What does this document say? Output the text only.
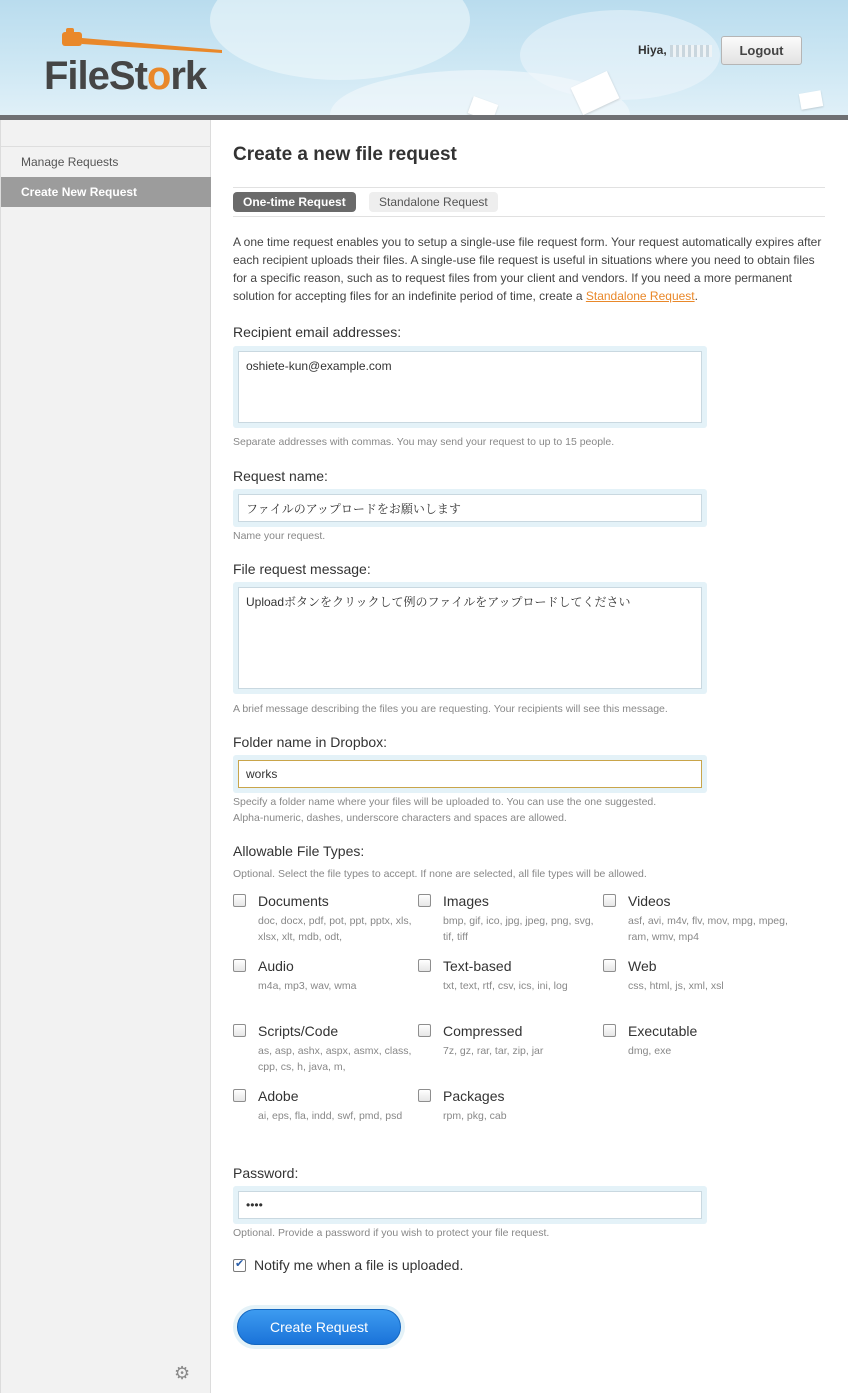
FileStork
Hiya,	Logout
Manage Requests
Create New Request
⚙
Create a new file request
One-time Request	Standalone Request
A one time request enables you to setup a single-use file request form. Your request automatically expires after each recipient uploads their files. A single-use file request is useful in situations where you need to obtain files for a specific reason, such as to request files from your client and vendors. If you need a more permanent solution for accepting files for an indefinite period of time, create a Standalone Request.
Recipient email addresses:
oshiete-kun@example.com
Separate addresses with commas. You may send your request to up to 15 people.
Request name:
ファイルのアップロードをお願いします
Name your request.
File request message:
Uploadボタンをクリックして例のファイルをアップロードしてください
A brief message describing the files you are requesting. Your recipients will see this message.
Folder name in Dropbox:
works
Specify a folder name where your files will be uploaded to. You can use the one suggested.
Alpha-numeric, dashes, underscore characters and spaces are allowed.
Allowable File Types:
Optional. Select the file types to accept. If none are selected, all file types will be allowed.
Documents
doc, docx, pdf, pot, ppt, pptx, xls, xlsx, xlt, mdb, odt,
Images
bmp, gif, ico, jpg, jpeg, png, svg, tif, tiff
Videos
asf, avi, m4v, flv, mov, mpg, mpeg, ram, wmv, mp4
Audio
m4a, mp3, wav, wma
Text-based
txt, text, rtf, csv, ics, ini, log
Web
css, html, js, xml, xsl
Scripts/Code
as, asp, ashx, aspx, asmx, class, cpp, cs, h, java, m,
Compressed
7z, gz, rar, tar, zip, jar
Executable
dmg, exe
Adobe
ai, eps, fla, indd, swf, pmd, psd
Packages
rpm, pkg, cab
Password:
••••
Optional. Provide a password if you wish to protect your file request.
✔
Notify me when a file is uploaded.
Create Request
